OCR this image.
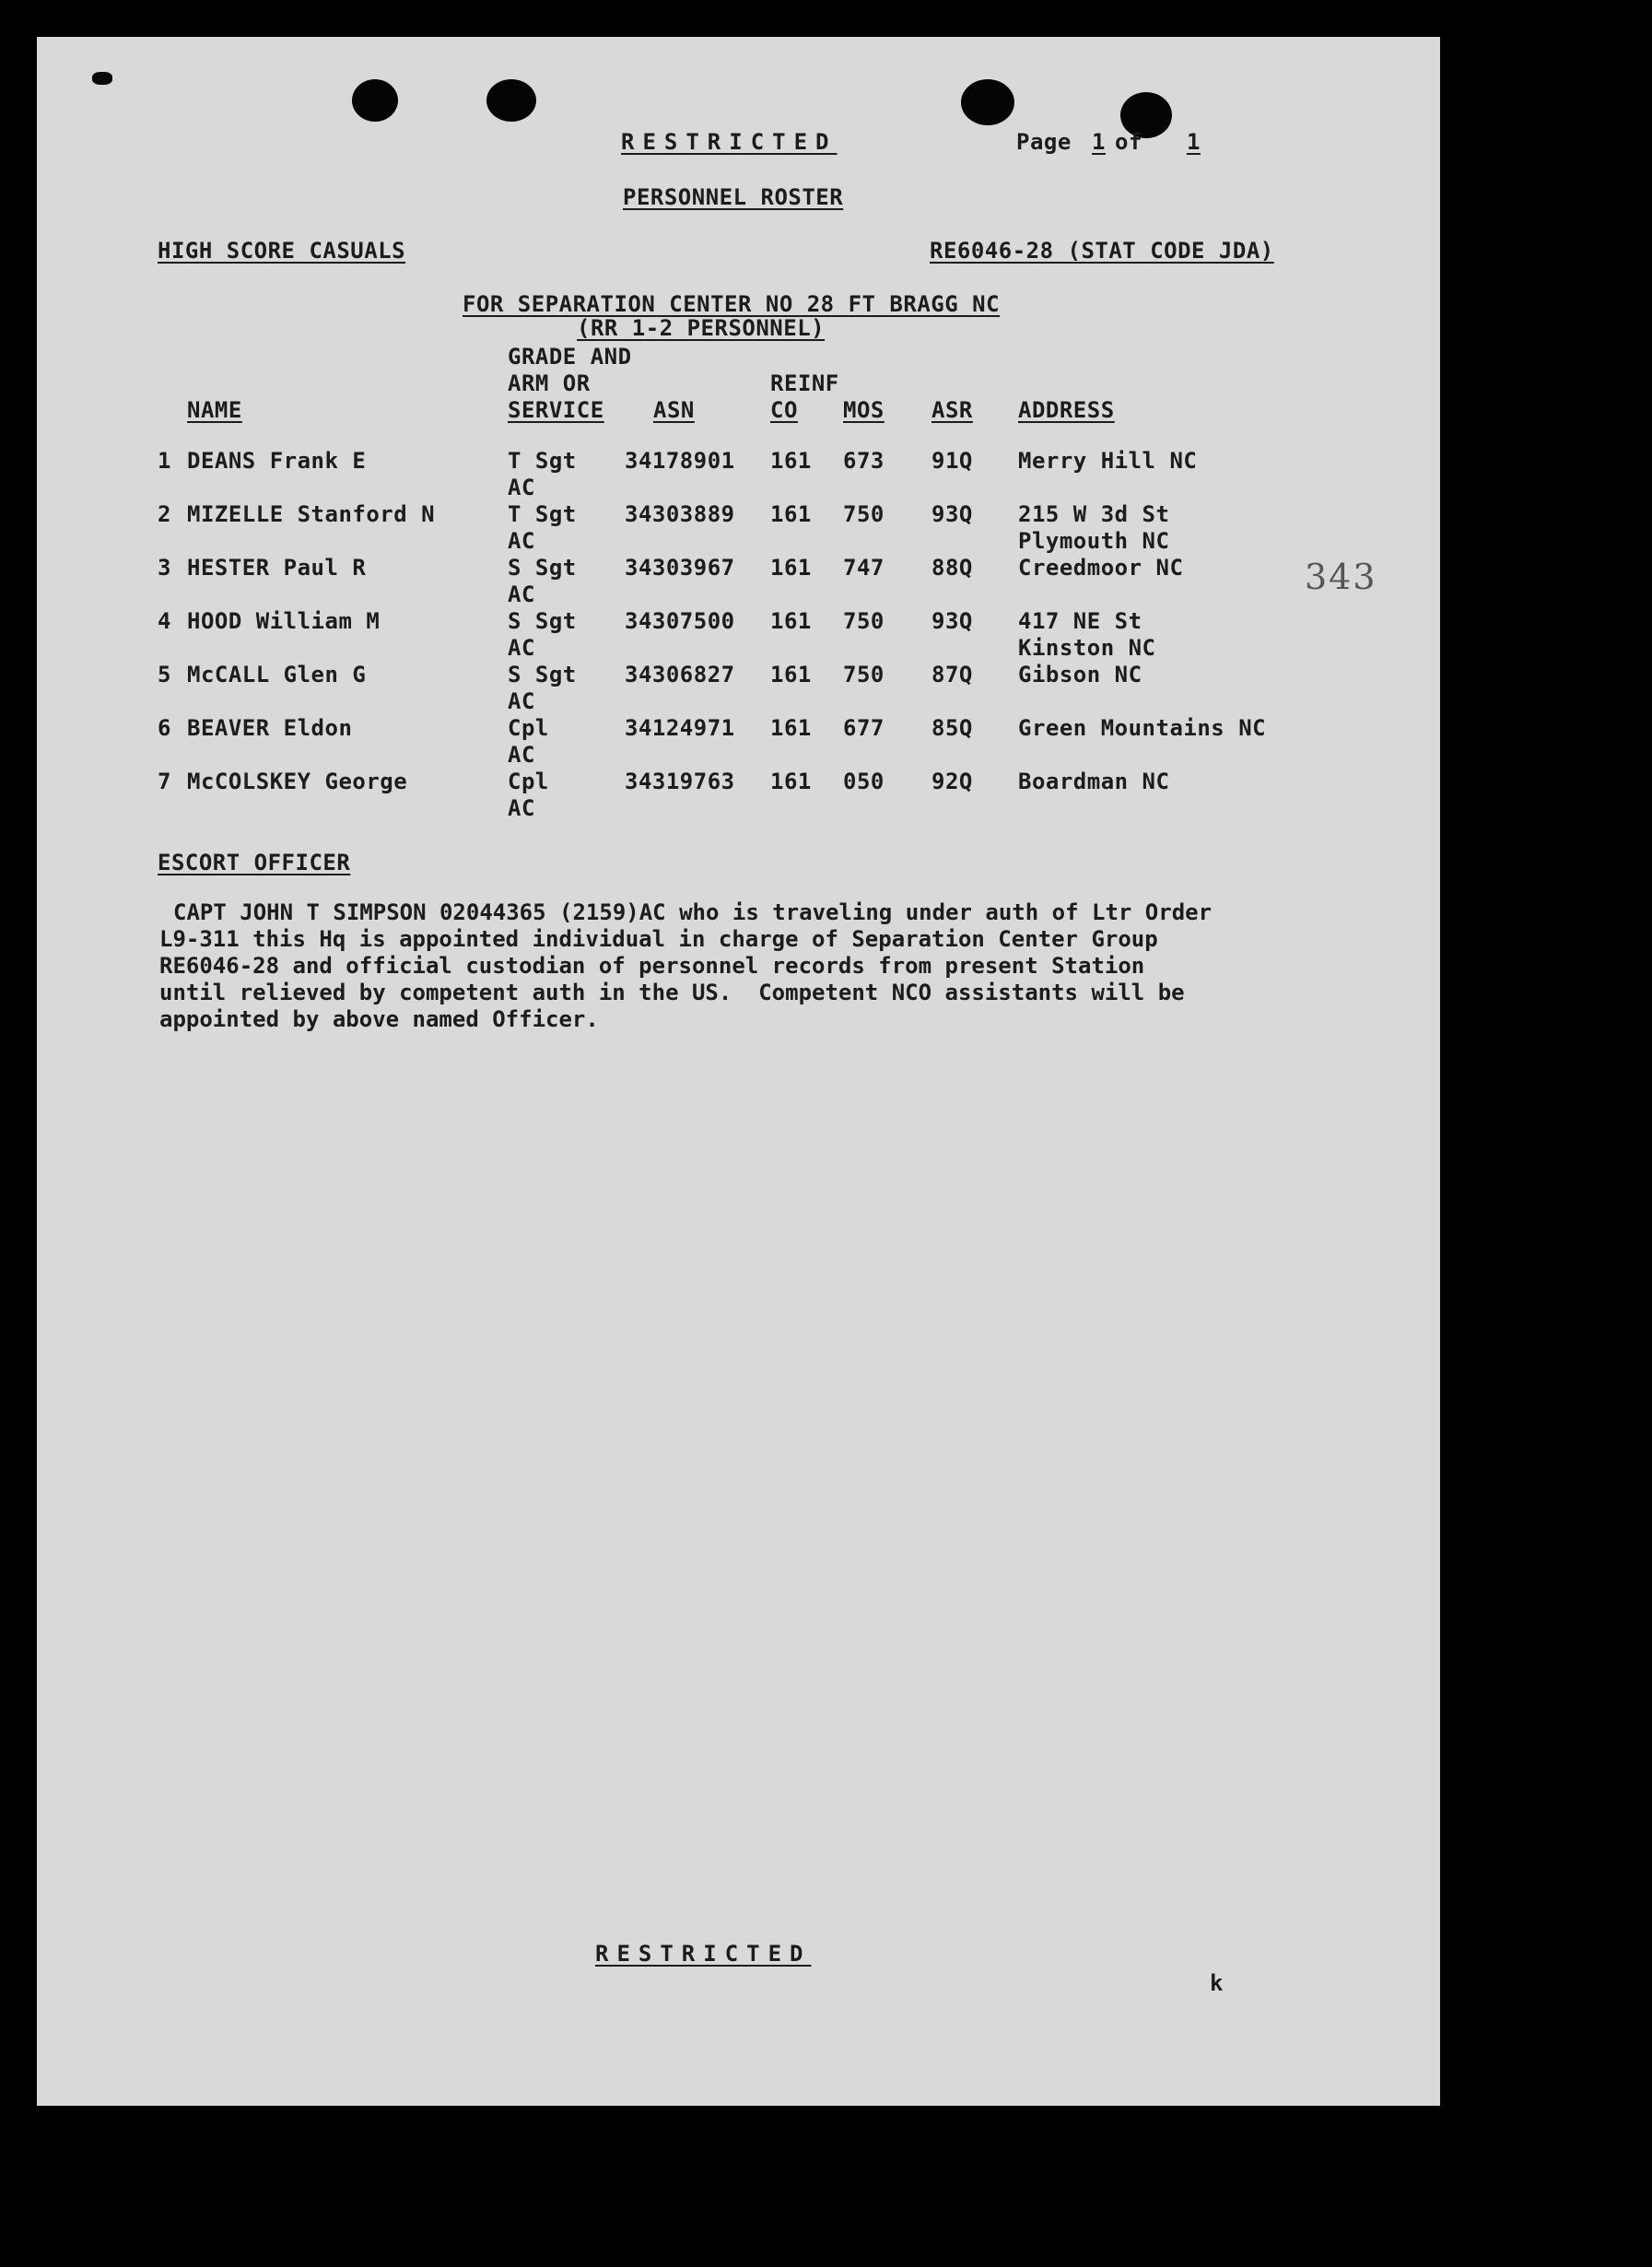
RESTRICTED	Page 1 of 1
PERSONNEL ROSTER
HIGH SCORE CASUALS	RE6046-28 (STAT CODE JDA)
FOR SEPARATION CENTER NO 28 FT BRAGG NC
(RR 1-2 PERSONNEL)
GRADE AND
ARM OR	REINF
NAME	SERVICE ASN	CO MOS ASR ADDRESS
1 DEANS Frank E	T Sgt 34178901 161 673 91Q Merry Hill NC
AC
2 MIZELLE Stanford N	T Sgt 34303889 161 750 93Q 215 W 3d St
AC	Plymouth NC
3 HESTER Paul R	S Sgt 34303967 161 747 88Q Creedmoor NC
AC
4 HOOD William M	S Sgt 34307500 161 750 93Q 417 NE St
AC	Kinston NC
5 McCALL Glen G	S Sgt 34306827 161 750 87Q Gibson NC
AC
6 BEAVER Eldon	Cpl	34124971 161 677 85Q Green Mountains NC
AC
7 McCOLSKEY George	Cpl	34319763 161 050 92Q Boardman NC
AC
343
ESCORT OFFICER
CAPT JOHN T SIMPSON 02044365 (2159)AC who is traveling under auth of Ltr Order
L9-311 this Hq is appointed individual in charge of Separation Center Group
RE6046-28 and official custodian of personnel records from present Station
until relieved by competent auth in the US.  Competent NCO assistants will be
appointed by above named Officer.
RESTRICTED
k
